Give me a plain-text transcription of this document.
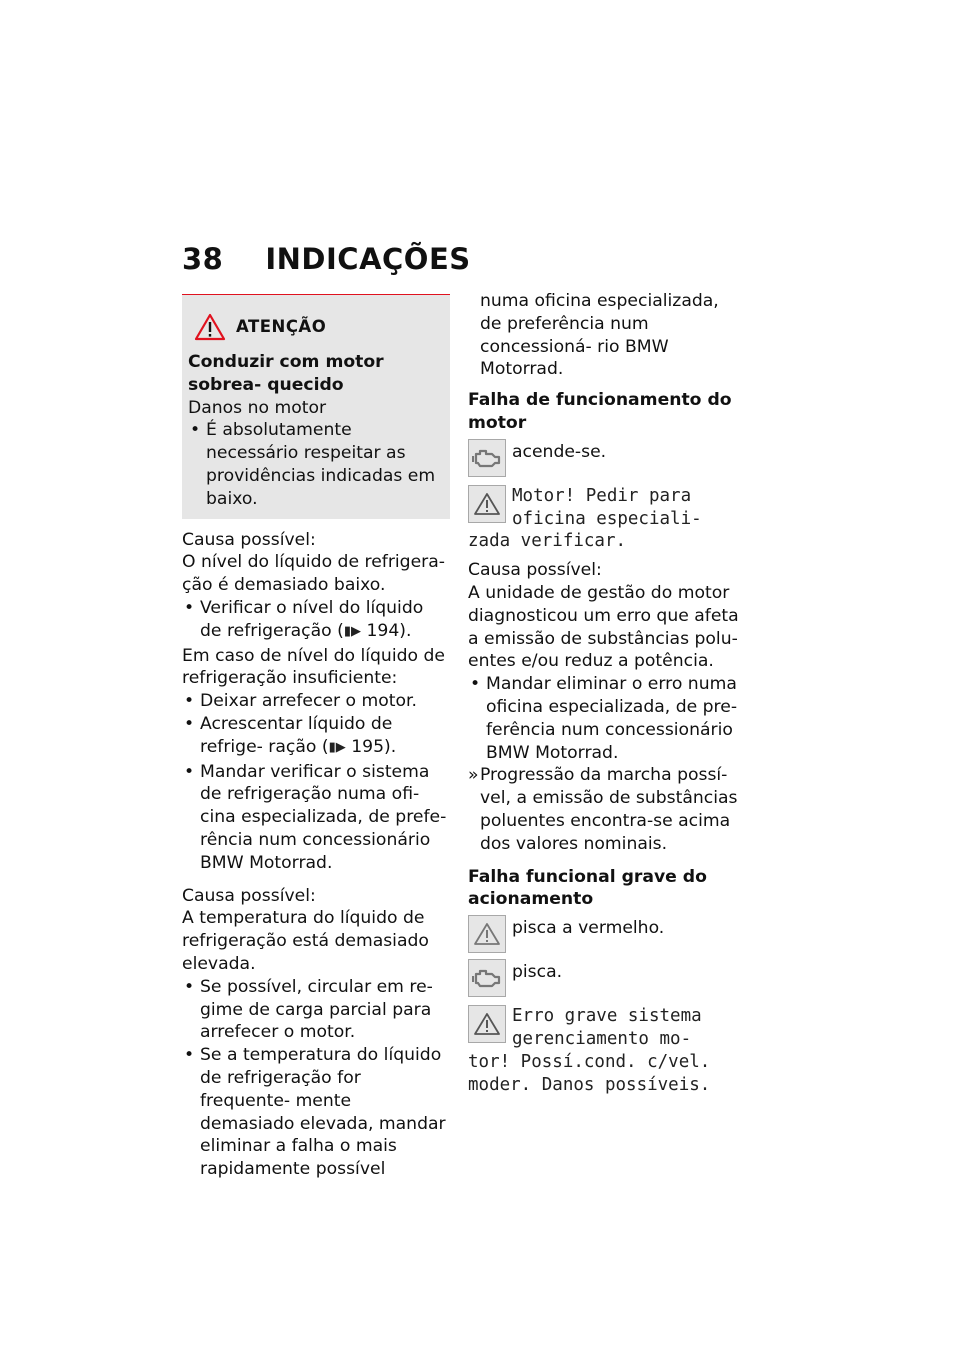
38 INDICAÇÕES
ATENÇÃO

Conduzir com motor sobrea- quecido

Danos no motor

• É absolutamente necessário respeitar as providências indicadas em baixo.

Causa possível:

O nível do líquido de refrigera- ção é demasiado baixo.

• Verificar o nível do líquido de refrigeração (▮▶ 194).

Em caso de nível do líquido de refrigeração insuficiente:

• Deixar arrefecer o motor.

• Acrescentar líquido de refrige- ração (▮▶ 195).

• Mandar verificar o sistema de refrigeração numa ofi- cina especializada, de prefe- rência num concessionário BMW Motorrad.

Causa possível:

A temperatura do líquido de refrigeração está demasiado elevada.

• Se possível, circular em re- gime de carga parcial para arrefecer o motor.

• Se a temperatura do líquido de refrigeração for frequente- mente demasiado elevada, mandar eliminar a falha o mais rapidamente possível

numa oficina especializada, de preferência num concessioná- rio BMW Motorrad.

Falha de funcionamento do motor
acende-se.
Motor! Pedir para
oficina especiali-
zada verificar.

Causa possível:

A unidade de gestão do motor diagnosticou um erro que afeta a emissão de substâncias polu- entes e/ou reduz a potência.

• Mandar eliminar o erro numa oficina especializada, de pre- ferência num concessionário BMW Motorrad.

» Progressão da marcha possí- vel, a emissão de substâncias poluentes encontra-se acima dos valores nominais.

Falha funcional grave do acionamento
pisca a vermelho.
pisca.
Erro grave sistema
gerenciamento mo-
tor! Possí.cond. c/vel.
moder. Danos possíveis.
